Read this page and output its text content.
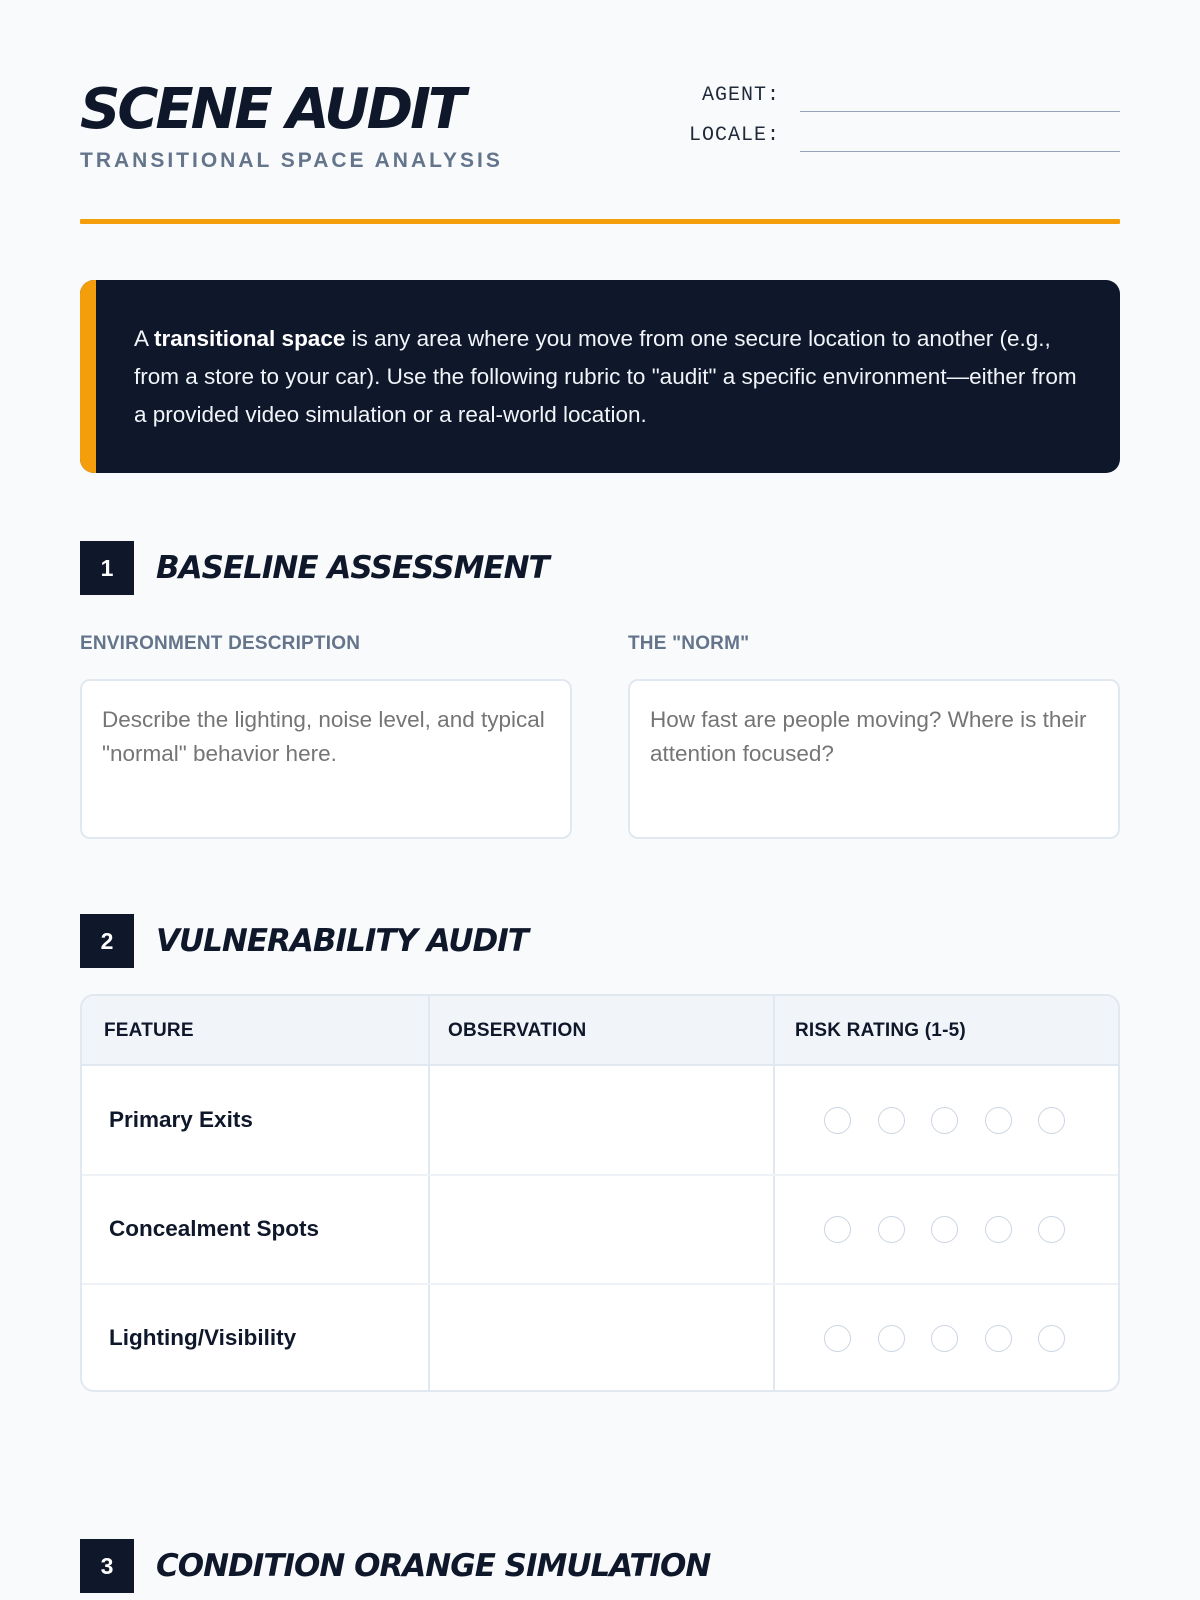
SCENE AUDIT
TRANSITIONAL SPACE ANALYSIS
AGENT:
LOCALE:

A transitional space is any area where you move from one secure location to another (e.g., from a store to your car). Use the following rubric to "audit" a specific environment—either from a provided video simulation or a real-world location.

1	BASELINE ASSESSMENT
ENVIRONMENT DESCRIPTION
Describe the lighting, noise level, and typical "normal" behavior here.	THE "NORM"
How fast are people moving? Where is their attention focused?
2	VULNERABILITY AUDIT
FEATURE	OBSERVATION	RISK RATING (1-5)
Primary Exits
Concealment Spots
Lighting/Visibility
3	CONDITION ORANGE SIMULATION
